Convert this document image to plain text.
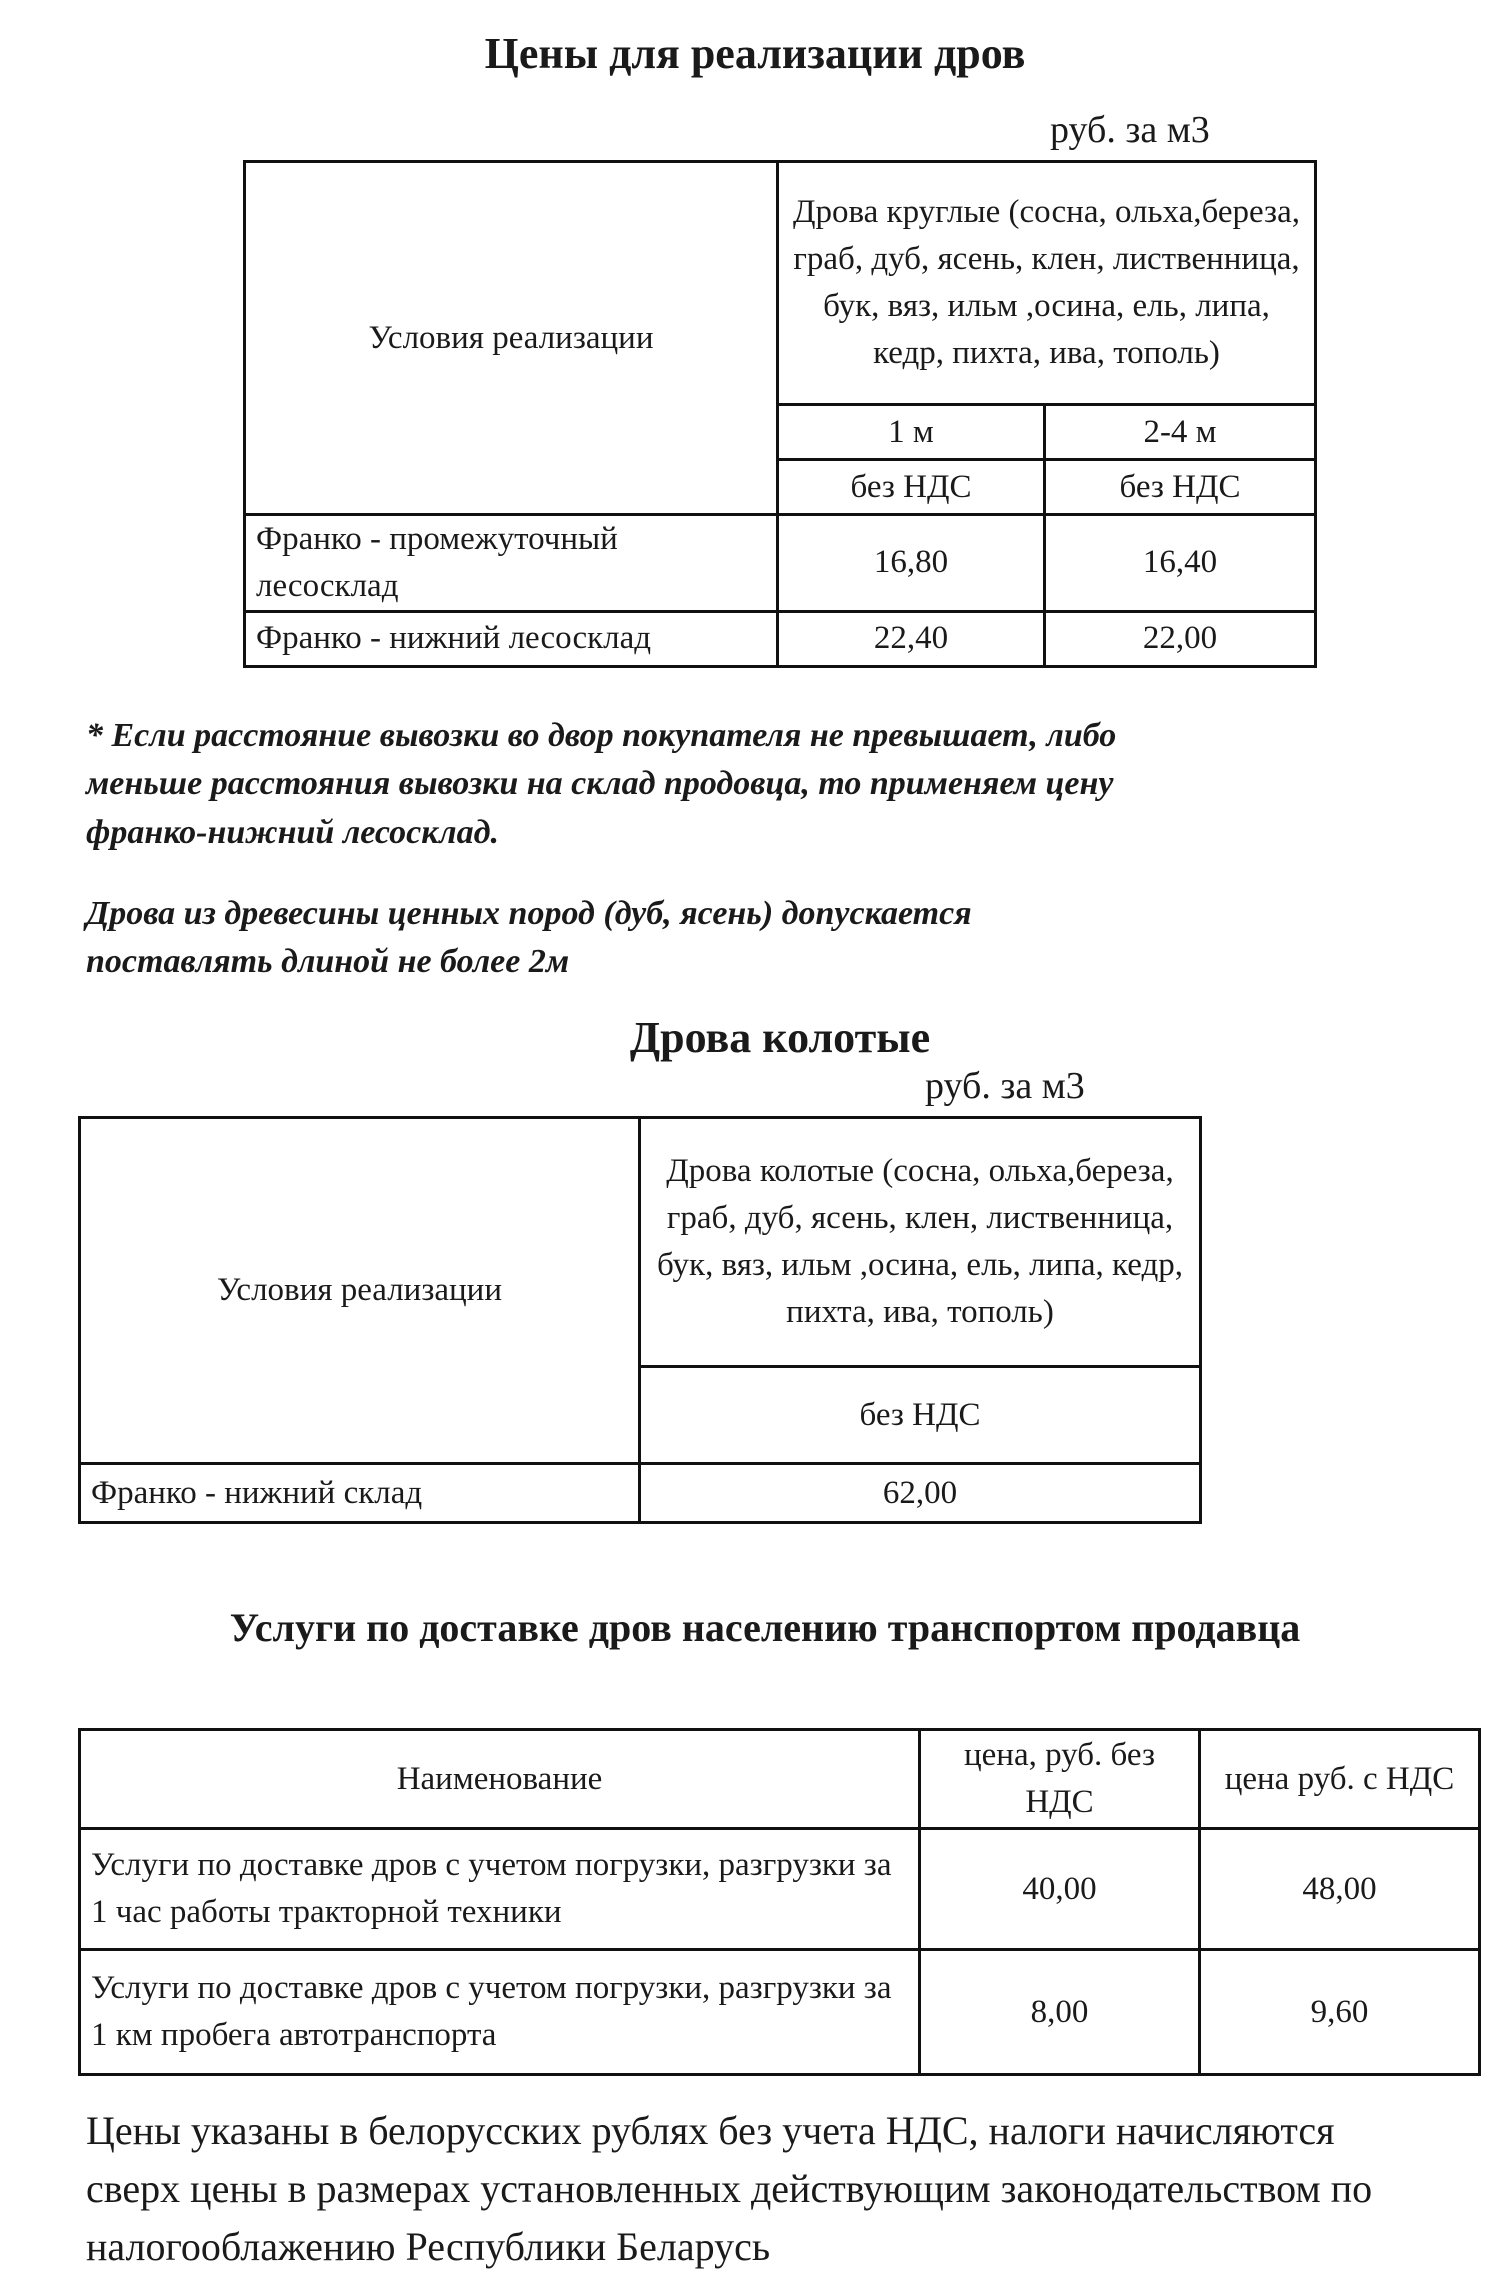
Цены для реализации дров
руб. за м3
Условия реализации	Дрова круглые (сосна, ольха,береза, граб, дуб, ясень, клен, лиственница, бук, вяз, ильм ,осина, ель, липа, кедр, пихта, ива, тополь)	
	1 м	2-4 м
	без НДС	без НДС
Франко - промежуточный лесосклад	16,80	16,40
Франко - нижний лесосклад	22,40	22,00
* Если расстояние вывозки во двор покупателя не превышает, либо меньше расстояния вывозки на склад продовца, то применяем цену франко-нижний лесосклад.
Дрова из древесины ценных пород (дуб, ясень) допускается поставлять длиной не более 2м
Дрова колотые
руб. за м3
Условия реализации	Дрова колотые (сосна, ольха,береза, граб, дуб, ясень, клен, лиственница, бук, вяз, ильм ,осина, ель, липа, кедр, пихта, ива, тополь)
	без НДС
Франко - нижний склад	62,00
Услуги по доставке дров населению транспортом продавца
Наименование	цена, руб. без НДС	цена руб. с НДС
Услуги по доставке дров с учетом погрузки, разгрузки за 1 час работы тракторной техники	40,00	48,00
Услуги по доставке дров с учетом погрузки, разгрузки за 1 км пробега автотранспорта	8,00	9,60
Цены указаны в белорусских рублях без учета НДС, налоги начисляются сверх цены в размерах установленных действующим законодательством по налогооблажению Республики Беларусь
